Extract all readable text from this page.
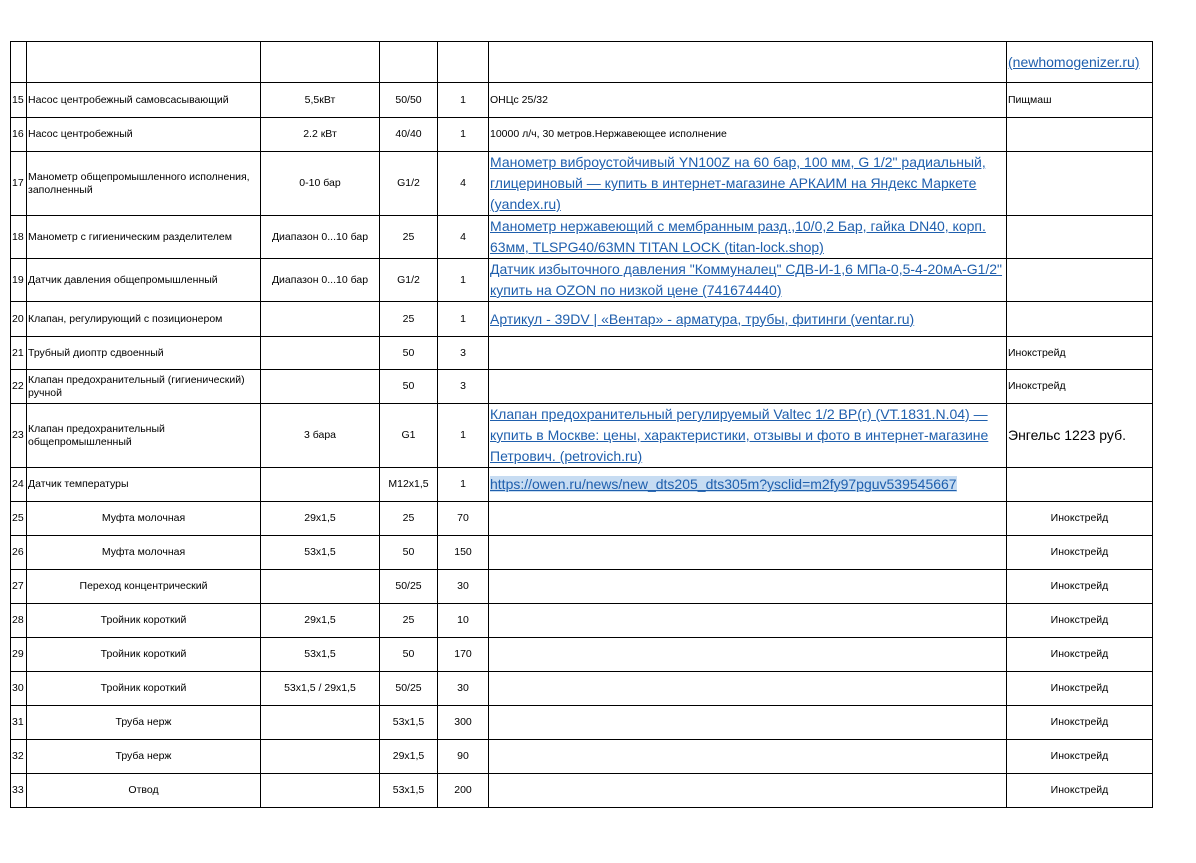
						(newhomogenizer.ru)
15	Насос центробежный самовсасывающий	5,5кВт	50/50	1	ОНЦс 25/32	Пищмаш
16	Насос центробежный	2.2 кВт	40/40	1	10000 л/ч, 30 метров.Нержавеющее исполнение	
17	Манометр общепромышленного исполнения, заполненный	0-10 бар	G1/2	4	Манометр виброустойчивый YN100Z на 60 бар, 100 мм, G 1/2" радиальный, глицериновый — купить в интернет-магазине АРКАИМ на Яндекс Маркете (yandex.ru)	
18	Манометр с гигиеническим разделителем	Диапазон 0...10 бар	25	4	Манометр нержавеющий с мембранным разд.,10/0,2 Бар, гайка DN40, корп. 63мм, TLSPG40/63MN TITAN LOCK (titan-lock.shop)	
19	Датчик давления общепромышленный	Диапазон 0...10 бар	G1/2	1	Датчик избыточного давления "Коммуналец" СДВ-И-1,6 МПа-0,5-4-20мА-G1/2" купить на OZON по низкой цене (741674440)	
20	Клапан, регулирующий с позиционером		25	1	Артикул - 39DV | «Вентар» - арматура, трубы, фитинги (ventar.ru)	
21	Трубный диоптр сдвоенный		50	3		Инокстрейд
22	Клапан предохранительный (гигиенический) ручной		50	3		Инокстрейд
23	Клапан предохранительный общепромышленный	3 бара	G1	1	Клапан предохранительный регулируемый Valtec 1/2 ВР(г) (VT.1831.N.04) — купить в Москве: цены, характеристики, отзывы и фото в интернет-магазине Петрович. (petrovich.ru)	Энгельс 1223 руб.
24	Датчик температуры		M12x1,5	1	https://owen.ru/news/new_dts205_dts305m?ysclid=m2fy97pguv539545667	
25	Муфта молочная	29х1,5	25	70		Инокстрейд
26	Муфта молочная	53х1,5	50	150		Инокстрейд
27	Переход концентрический		50/25	30		Инокстрейд
28	Тройник короткий	29х1,5	25	10		Инокстрейд
29	Тройник короткий	53х1,5	50	170		Инокстрейд
30	Тройник короткий	53х1,5 / 29х1,5	50/25	30		Инокстрейд
31	Труба нерж		53х1,5	300		Инокстрейд
32	Труба нерж		29х1,5	90		Инокстрейд
33	Отвод		53х1,5	200		Инокстрейд
